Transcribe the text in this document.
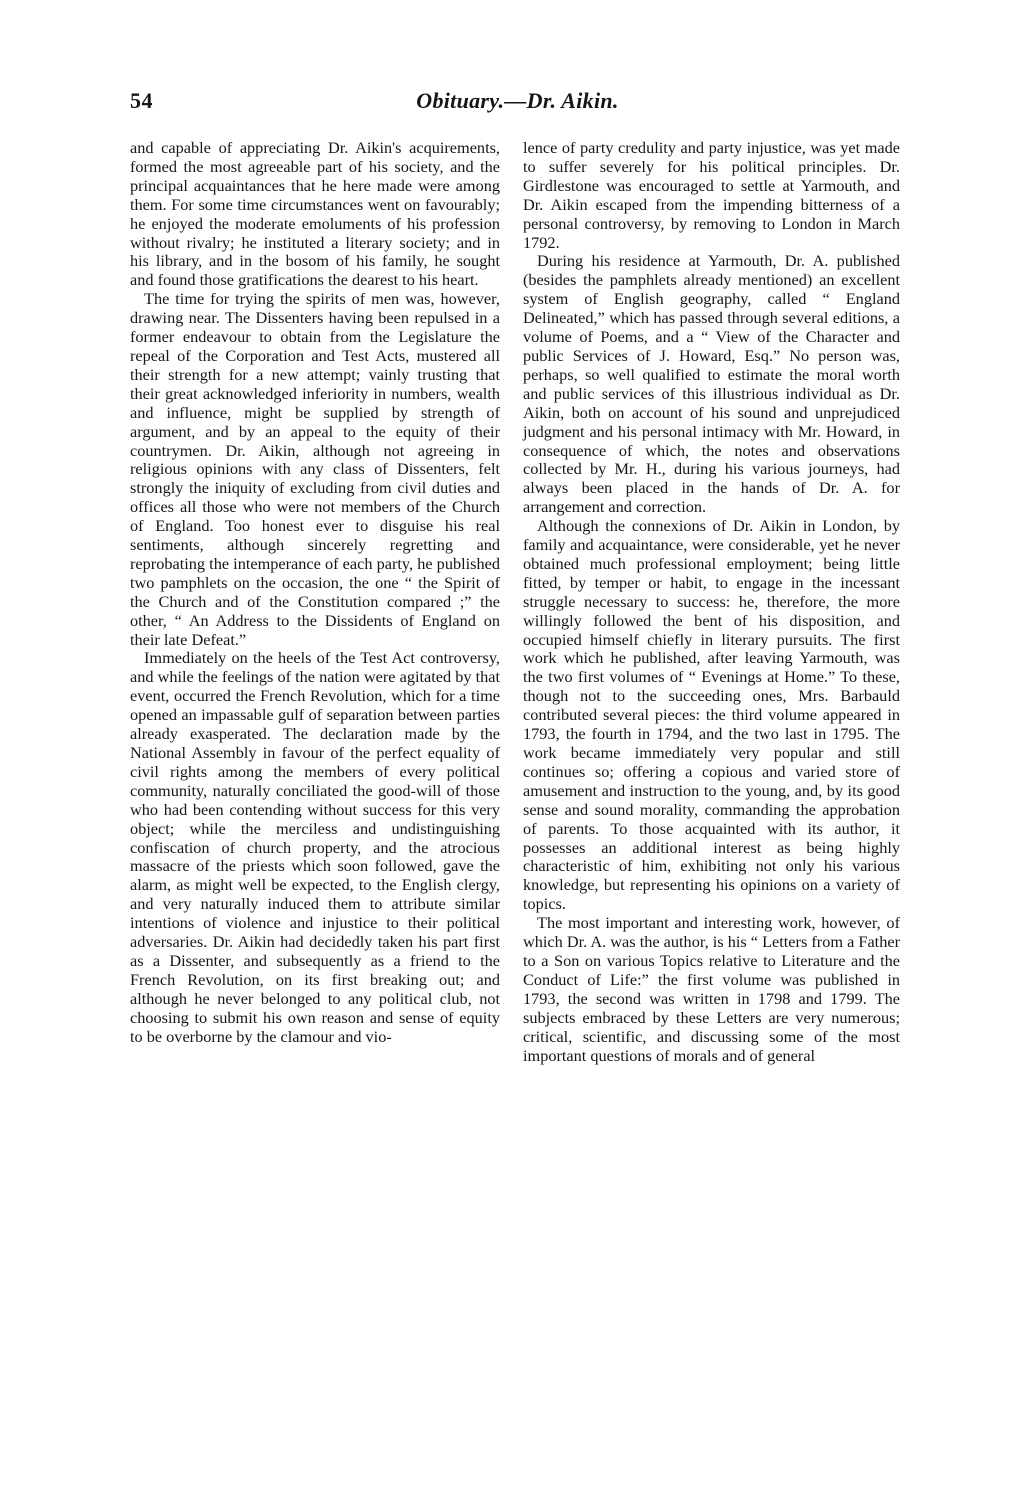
54	Obituary.—Dr. Aikin.

and capable of appreciating Dr. Aikin's acquirements, formed the most agreeable part of his society, and the principal acquaintances that he here made were among them. For some time circumstances went on favourably; he enjoyed the moderate emoluments of his profession without rivalry; he instituted a literary society; and in his library, and in the bosom of his family, he sought and found those gratifications the dearest to his heart.

The time for trying the spirits of men was, however, drawing near. The Dissenters having been repulsed in a former endeavour to obtain from the Legislature the repeal of the Corporation and Test Acts, mustered all their strength for a new attempt; vainly trusting that their great acknowledged inferiority in numbers, wealth and influence, might be supplied by strength of argument, and by an appeal to the equity of their countrymen. Dr. Aikin, although not agreeing in religious opinions with any class of Dissenters, felt strongly the iniquity of excluding from civil duties and offices all those who were not members of the Church of England. Too honest ever to disguise his real sentiments, although sincerely regretting and reprobating the intemperance of each party, he published two pamphlets on the occasion, the one “ the Spirit of the Church and of the Constitution compared ;” the other, “ An Address to the Dissidents of England on their late Defeat.”

Immediately on the heels of the Test Act controversy, and while the feelings of the nation were agitated by that event, occurred the French Revolution, which for a time opened an impassable gulf of separation between parties already exasperated. The declaration made by the National Assembly in favour of the perfect equality of civil rights among the members of every political community, naturally conciliated the good-will of those who had been contending without success for this very object; while the merciless and undistinguishing confiscation of church property, and the atrocious massacre of the priests which soon followed, gave the alarm, as might well be expected, to the English clergy, and very naturally induced them to attribute similar intentions of violence and injustice to their political adversaries. Dr. Aikin had decidedly taken his part first as a Dissenter, and subsequently as a friend to the French Revolution, on its first breaking out; and although he never belonged to any political club, not choosing to submit his own reason and sense of equity to be overborne by the clamour and vio-

lence of party credulity and party injustice, was yet made to suffer severely for his political principles. Dr. Girdlestone was encouraged to settle at Yarmouth, and Dr. Aikin escaped from the impending bitterness of a personal controversy, by removing to London in March 1792.

During his residence at Yarmouth, Dr. A. published (besides the pamphlets already mentioned) an excellent system of English geography, called “ England Delineated,” which has passed through several editions, a volume of Poems, and a “ View of the Character and public Services of J. Howard, Esq.” No person was, perhaps, so well qualified to estimate the moral worth and public services of this illustrious individual as Dr. Aikin, both on account of his sound and unprejudiced judgment and his personal intimacy with Mr. Howard, in consequence of which, the notes and observations collected by Mr. H., during his various journeys, had always been placed in the hands of Dr. A. for arrangement and correction.

Although the connexions of Dr. Aikin in London, by family and acquaintance, were considerable, yet he never obtained much professional employment; being little fitted, by temper or habit, to engage in the incessant struggle necessary to success: he, therefore, the more willingly followed the bent of his disposition, and occupied himself chiefly in literary pursuits. The first work which he published, after leaving Yarmouth, was the two first volumes of “ Evenings at Home.” To these, though not to the succeeding ones, Mrs. Barbauld contributed several pieces: the third volume appeared in 1793, the fourth in 1794, and the two last in 1795. The work became immediately very popular and still continues so; offering a copious and varied store of amusement and instruction to the young, and, by its good sense and sound morality, commanding the approbation of parents. To those acquainted with its author, it possesses an additional interest as being highly characteristic of him, exhibiting not only his various knowledge, but representing his opinions on a variety of topics.

The most important and interesting work, however, of which Dr. A. was the author, is his “ Letters from a Father to a Son on various Topics relative to Literature and the Conduct of Life:” the first volume was published in 1793, the second was written in 1798 and 1799. The subjects embraced by these Letters are very numerous; critical, scientific, and discussing some of the most important questions of morals and of general
